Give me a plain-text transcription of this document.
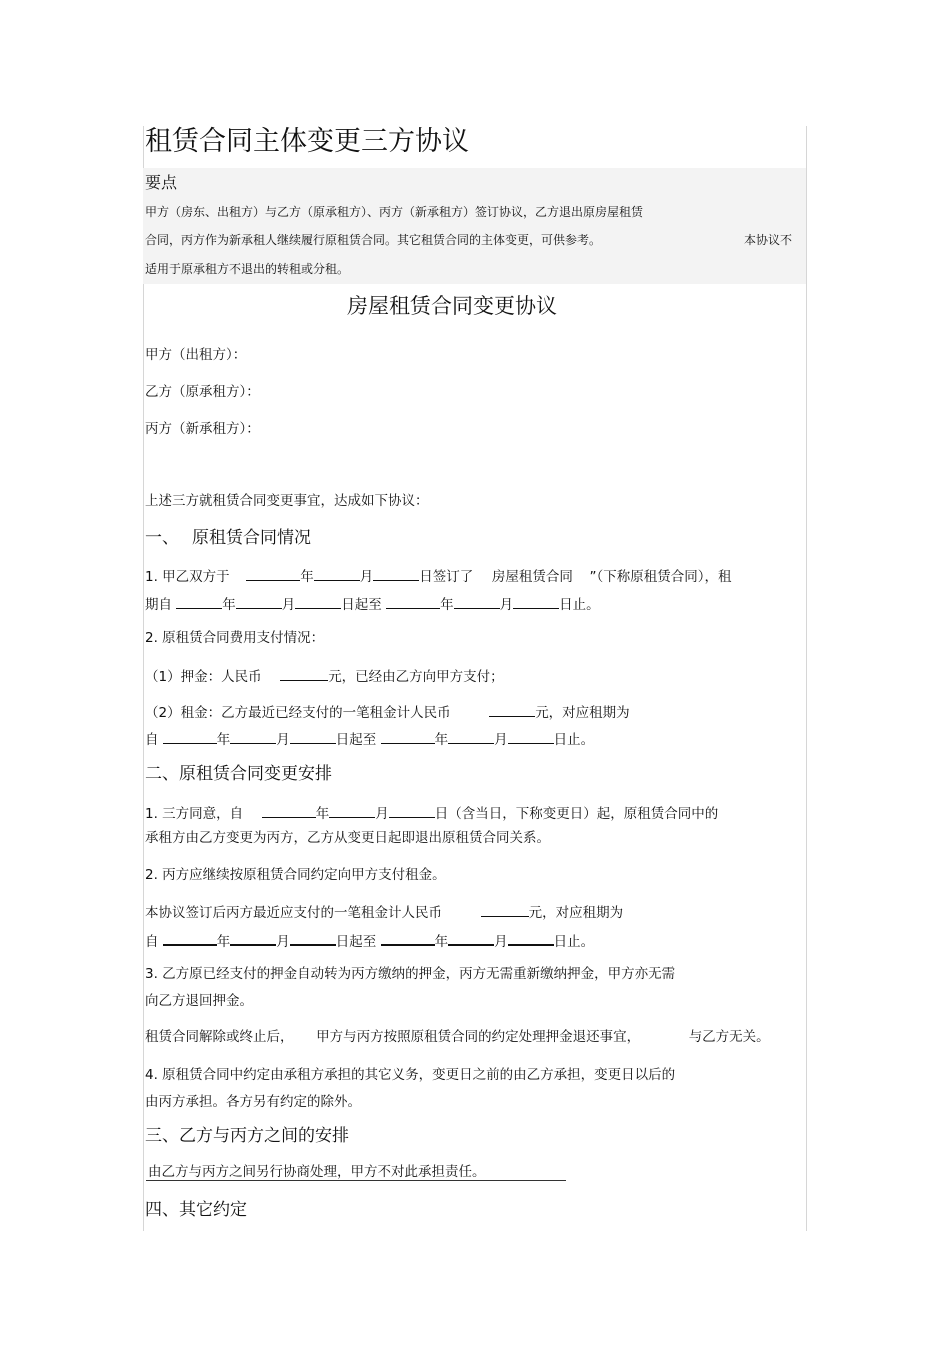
租赁合同主体变更三方协议
要点
甲方（房东、出租方）与乙方（原承租方）、丙方（新承租方）签订协议，乙方退出原房屋租赁
合同，丙方作为新承租人继续履行原租赁合同。其它租赁合同的主体变更，可供参考。	本协议不
适用于原承租方不退出的转租或分租。
房屋租赁合同变更协议
甲方（出租方）：
乙方（原承租方）：
丙方（新承租方）：
上述三方就租赁合同变更事宜，达成如下协议：
一、 原租赁合同情况
1. 甲乙双方于	年	月	日签订了 房屋租赁合同 ”（下称原租赁合同），租
期自	年	月	日起至	年	月	日止。
2. 原租赁合同费用支付情况：
（1）押金：人民币	元，已经由乙方向甲方支付；
（2）租金：乙方最近已经支付的一笔租金计人民币	元，对应租期为
自	年	月	日起至	年	月	日止。
二、原租赁合同变更安排
1. 三方同意，自	年	月	日（含当日，下称变更日）起，原租赁合同中的
承租方由乙方变更为丙方，乙方从变更日起即退出原租赁合同关系。
2. 丙方应继续按原租赁合同约定向甲方支付租金。
本协议签订后丙方最近应支付的一笔租金计人民币	元，对应租期为
自	年	月	日起至	年	月	日止。
3. 乙方原已经支付的押金自动转为丙方缴纳的押金，丙方无需重新缴纳押金，甲方亦无需
向乙方退回押金。
租赁合同解除或终止后， 甲方与丙方按照原租赁合同的约定处理押金退还事宜，	与乙方无关。
4. 原租赁合同中约定由承租方承担的其它义务，变更日之前的由乙方承担，变更日以后的
由丙方承担。各方另有约定的除外。
三、乙方与丙方之间的安排
由乙方与丙方之间另行协商处理，甲方不对此承担责任。
四、其它约定
